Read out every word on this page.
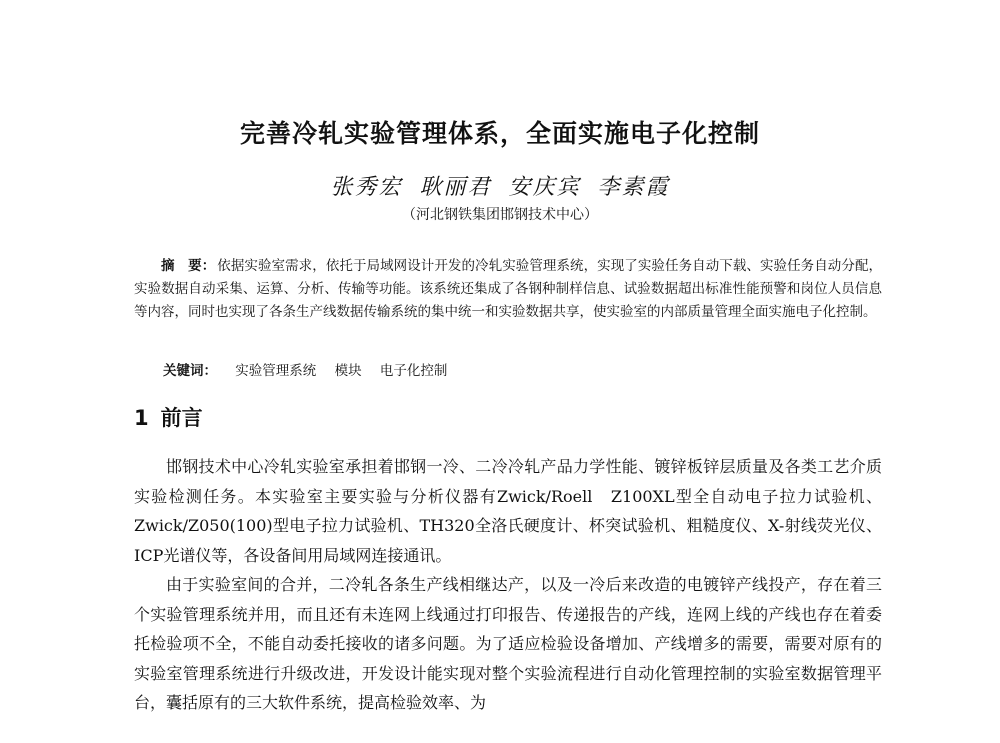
完善冷轧实验管理体系，全面实施电子化控制
张秀宏 耿丽君 安庆宾 李素霞
（河北钢铁集团邯钢技术中心）
摘　要： 依据实验室需求，依托于局域网设计开发的冷轧实验管理系统，实现了实验任务自动下载、实验任务自动分配，实验数据自动采集、运算、分析、传输等功能。该系统还集成了各钢种制样信息、试验数据超出标准性能预警和岗位人员信息等内容，同时也实现了各条生产线数据传输系统的集中统一和实验数据共享，使实验室的内部质量管理全面实施电子化控制。
关键词： 实验管理系统 模块 电子化控制
1 前言

邯钢技术中心冷轧实验室承担着邯钢一冷、二冷冷轧产品力学性能、镀锌板锌层质量及各类工艺介质实验检测任务。本实验室主要实验与分析仪器有Zwick/Roell　Z100XL型全自动电子拉力试验机、Zwick/Z050(100)型电子拉力试验机、TH320全洛氏硬度计、杯突试验机、粗糙度仪、X-射线荧光仪、ICP光谱仪等，各设备间用局域网连接通讯。

由于实验室间的合并，二冷轧各条生产线相继达产，以及一冷后来改造的电镀锌产线投产，存在着三个实验管理系统并用，而且还有未连网上线通过打印报告、传递报告的产线，连网上线的产线也存在着委托检验项不全，不能自动委托接收的诸多问题。为了适应检验设备增加、产线增多的需要，需要对原有的实验室管理系统进行升级改进，开发设计能实现对整个实验流程进行自动化管理控制的实验室数据管理平台，囊括原有的三大软件系统，提高检验效率、为
